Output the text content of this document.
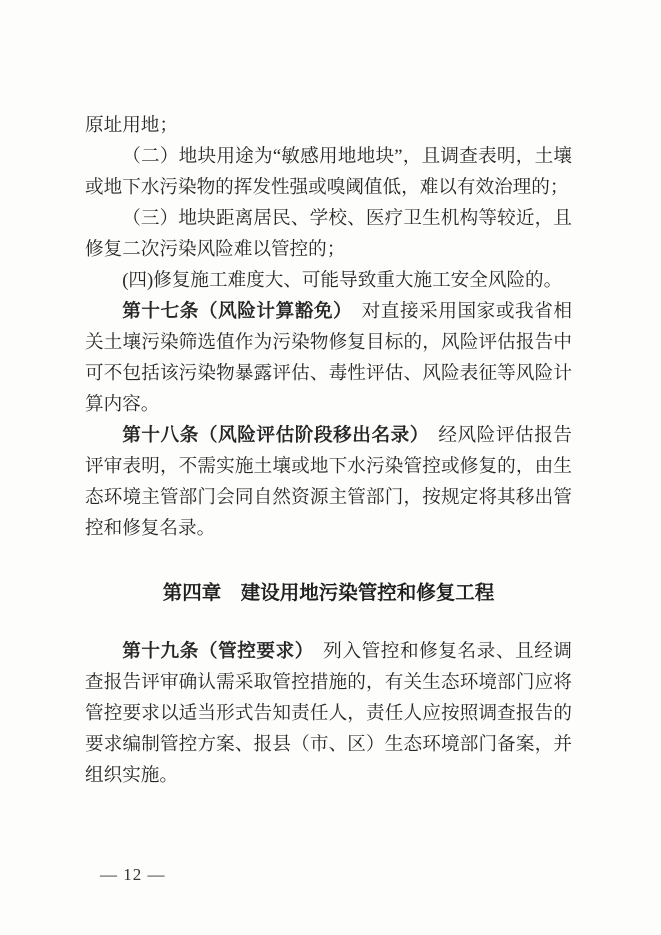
原址用地；

（二）地块用途为“敏感用地地块”，且调查表明，土壤或地下水污染物的挥发性强或嗅阈值低，难以有效治理的；

（三）地块距离居民、学校、医疗卫生机构等较近，且修复二次污染风险难以管控的；

(四)修复施工难度大、可能导致重大施工安全风险的。

第十七条（风险计算豁免） 对直接采用国家或我省相关土壤污染筛选值作为污染物修复目标的，风险评估报告中可不包括该污染物暴露评估、毒性评估、风险表征等风险计算内容。

第十八条（风险评估阶段移出名录） 经风险评估报告评审表明，不需实施土壤或地下水污染管控或修复的，由生态环境主管部门会同自然资源主管部门，按规定将其移出管控和修复名录。

第四章　建设用地污染管控和修复工程

第十九条（管控要求） 列入管控和修复名录、且经调查报告评审确认需采取管控措施的，有关生态环境部门应将管控要求以适当形式告知责任人，责任人应按照调查报告的要求编制管控方案、报县（市、区）生态环境部门备案，并组织实施。

— 12 —
